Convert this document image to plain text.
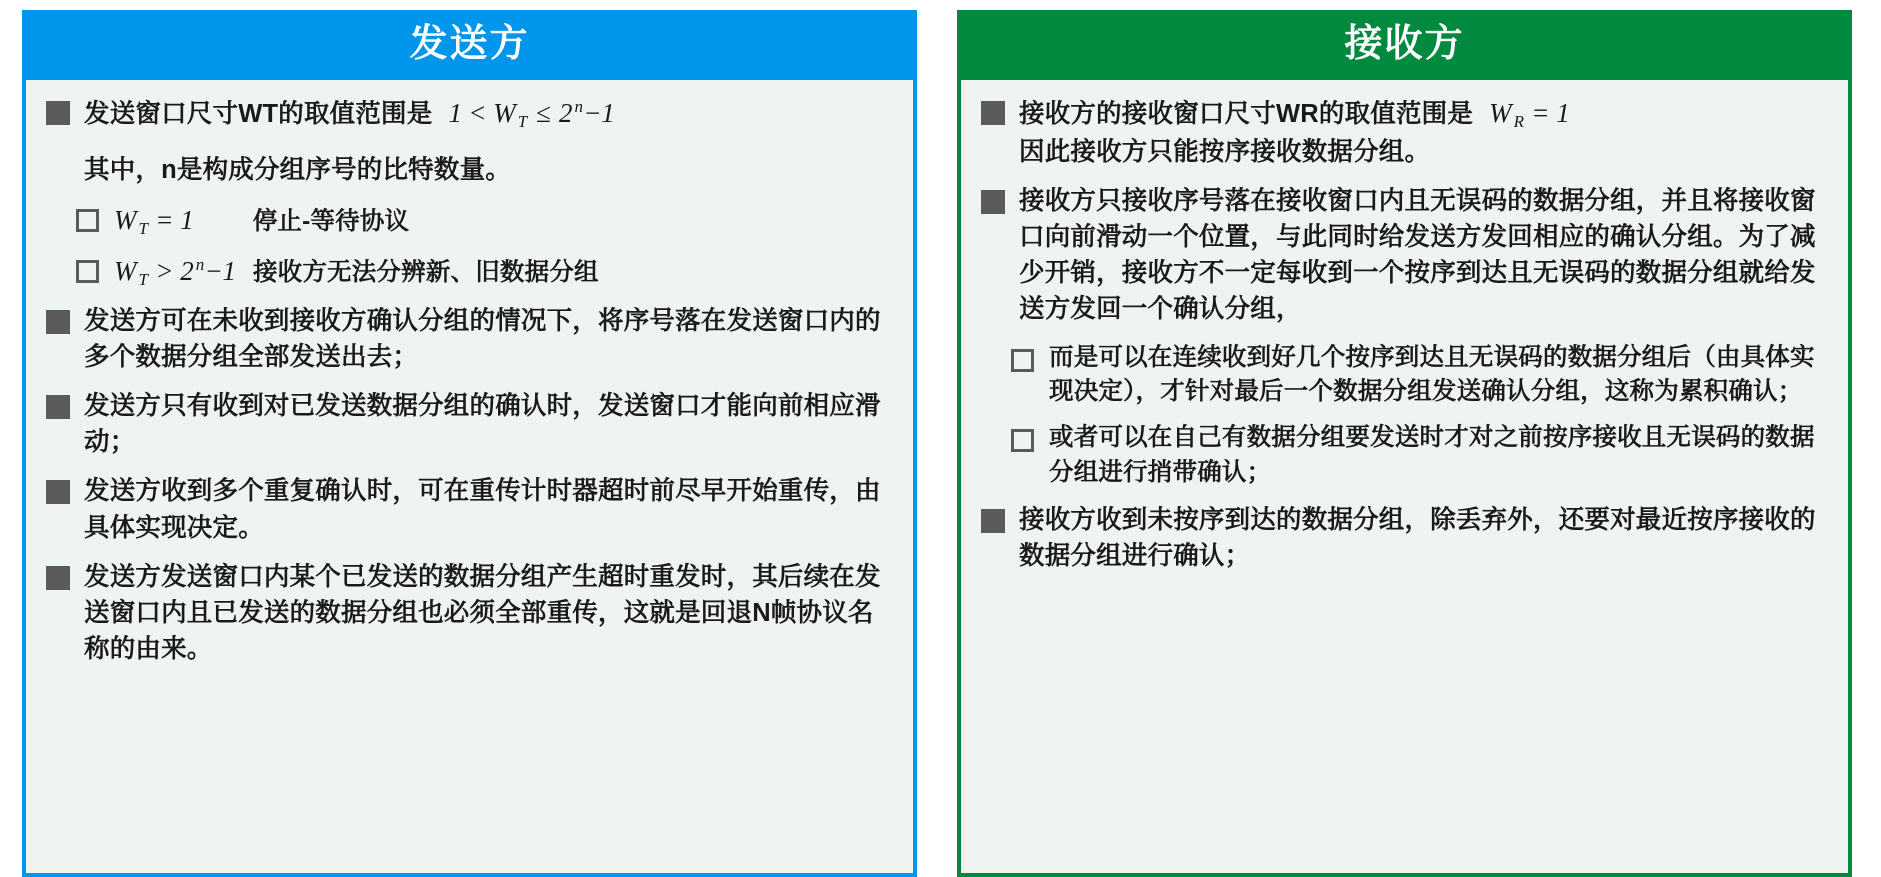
发送方
发送窗口尺寸WT的取值范围是 $1 < W_T \le 2^n-1$
其中，n是构成分组序号的比特数量。
$W_T = 1$ 停止-等待协议
$W_T > 2^n-1$ 接收方无法分辨新、旧数据分组
发送方可在未收到接收方确认分组的情况下，将序号落在发送窗口内的多个数据分组全部发送出去；
发送方只有收到对已发送数据分组的确认时，发送窗口才能向前相应滑动；
发送方收到多个重复确认时，可在重传计时器超时前尽早开始重传，由具体实现决定。
发送方发送窗口内某个已发送的数据分组产生超时重发时，其后续在发送窗口内且已发送的数据分组也必须全部重传，这就是回退N帧协议名称的由来。
接收方
接收方的接收窗口尺寸WR的取值范围是 $W_R = 1$
因此接收方只能按序接收数据分组。
接收方只接收序号落在接收窗口内且无误码的数据分组，并且将接收窗口向前滑动一个位置，与此同时给发送方发回相应的确认分组。为了减少开销，接收方不一定每收到一个按序到达且无误码的数据分组就给发送方发回一个确认分组，
而是可以在连续收到好几个按序到达且无误码的数据分组后（由具体实现决定），才针对最后一个数据分组发送确认分组，这称为累积确认；
或者可以在自己有数据分组要发送时才对之前按序接收且无误码的数据分组进行捎带确认；
接收方收到未按序到达的数据分组，除丢弃外，还要对最近按序接收的数据分组进行确认；
